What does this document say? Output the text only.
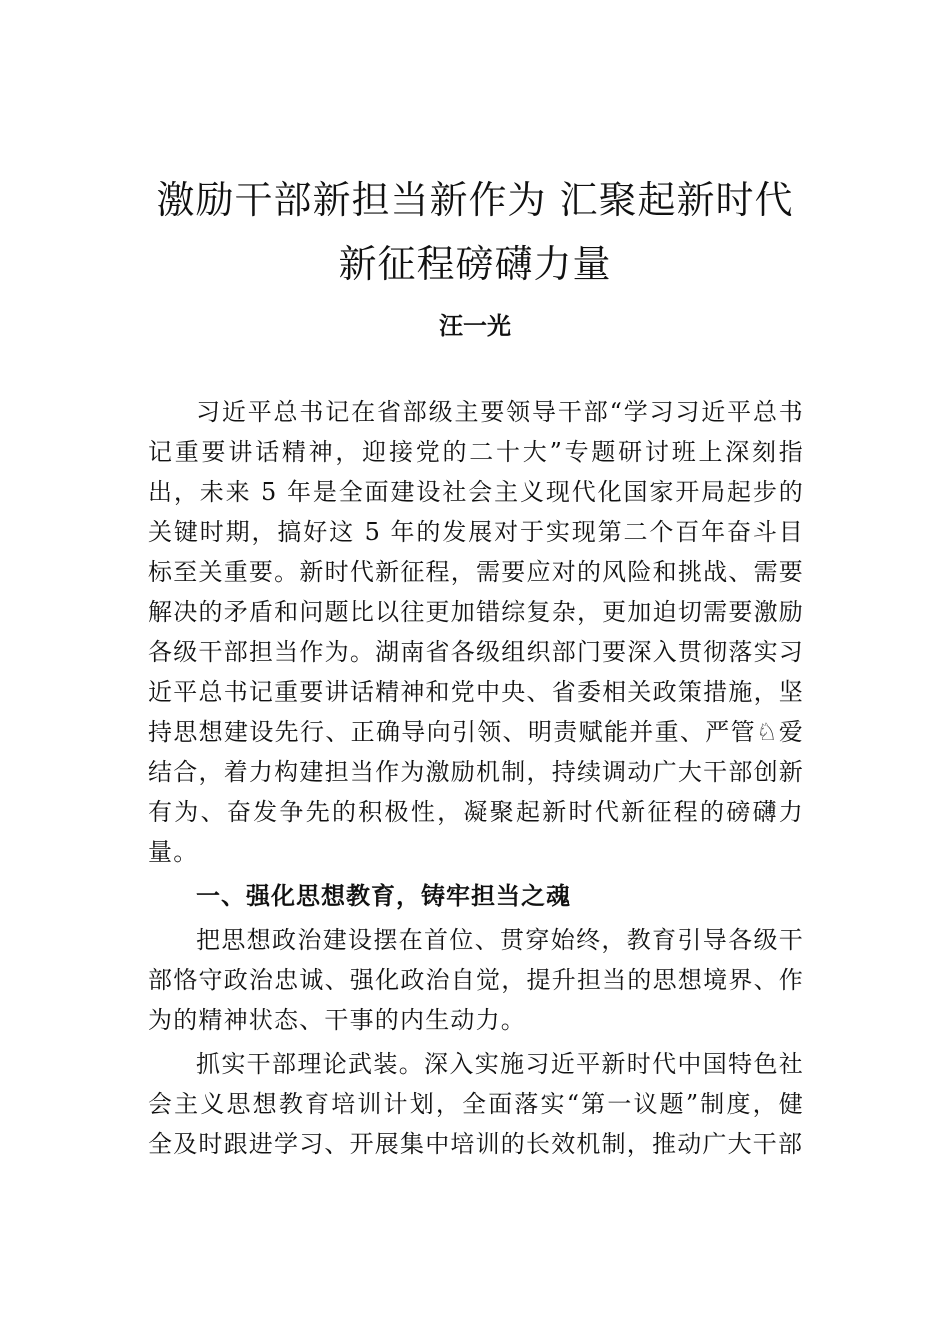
激励干部新担当新作为 汇聚起新时代新征程磅礴力量
汪一光

习近平总书记在省部级主要领导干部“学习习近平总书记重要讲话精神，迎接党的二十大”专题研讨班上深刻指出，未来 5 年是全面建设社会主义现代化国家开局起步的关键时期，搞好这 5 年的发展对于实现第二个百年奋斗目标至关重要。新时代新征程，需要应对的风险和挑战、需要解决的矛盾和问题比以往更加错综复杂，更加迫切需要激励各级干部担当作为。湖南省各级组织部门要深入贯彻落实习近平总书记重要讲话精神和党中央、省委相关政策措施，坚持思想建设先行、正确导向引领、明责赋能并重、严管♘爱结合，着力构建担当作为激励机制，持续调动广大干部创新有为、奋发争先的积极性，凝聚起新时代新征程的磅礴力量。

一、强化思想教育，铸牢担当之魂

把思想政治建设摆在首位、贯穿始终，教育引导各级干部恪守政治忠诚、强化政治自觉，提升担当的思想境界、作为的精神状态、干事的内生动力。

抓实干部理论武装。深入实施习近平新时代中国特色社会主义思想教育培训计划，全面落实“第一议题”制度，健全及时跟进学习、开展集中培训的长效机制，推动广大干部
